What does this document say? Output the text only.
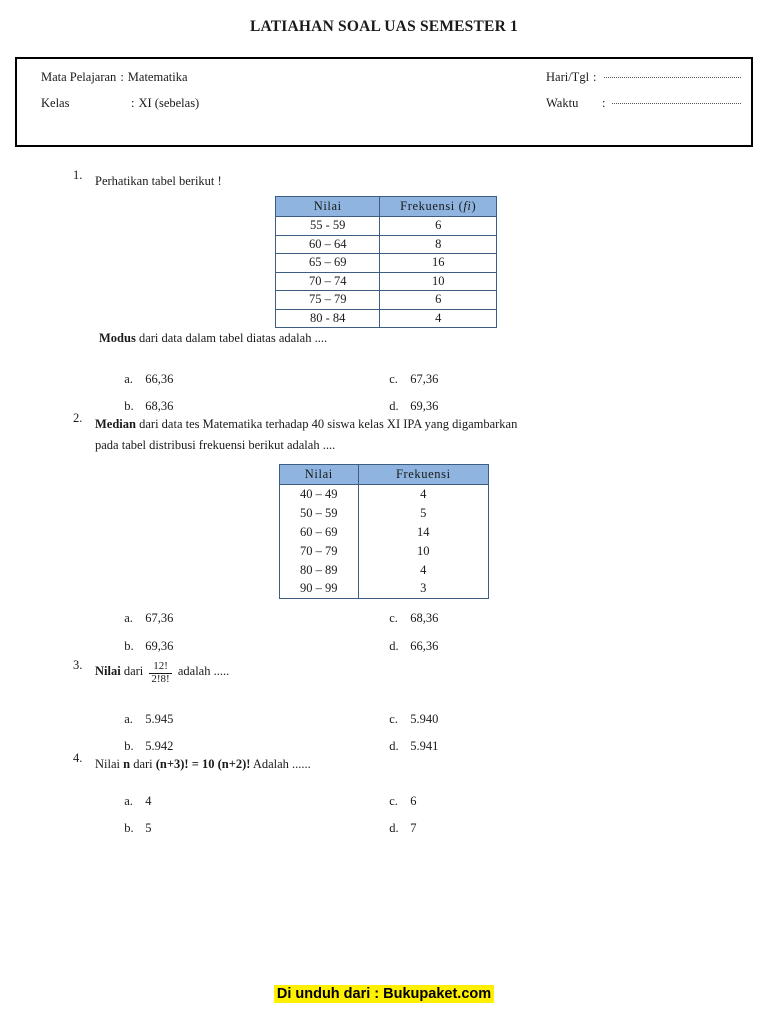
LATIAHAN SOAL UAS SEMESTER 1
Mata Pelajaran : Matematika
Kelas	: XI (sebelas)
Hari/Tgl :
Waktu	:
1.	Perhatikan tabel berikut !
Nilai	Frekuensi (fi)
55 - 59	6
60 – 64	8
65 – 69	16
70 – 74	10
75 – 79	6
80 - 84	4
Modus dari data dalam tabel diatas adalah ....

a. 66,36

b. 68,36

c. 67,36

d. 69,36

2.	Median dari data tes Matematika terhadap 40 siswa kelas XI IPA yang digambarkan
pada tabel distribusi frekuensi berikut adalah ....
Nilai	Frekuensi
40 – 49	4
50 – 59	5
60 – 69	14
70 – 79	10
80 – 89	4
90 – 99	3

a. 67,36

b. 69,36

c. 68,36

d. 66,36

3.	Nilai dari $\frac{12!}{2!8!}$ adalah .....

a. 5.945

b. 5.942

c. 5.940

d. 5.941

4.	Nilai n dari (n+3)! = 10 (n+2)! Adalah ......

a. 4

b. 5

c. 6

d. 7

Di unduh dari : Bukupaket.com
